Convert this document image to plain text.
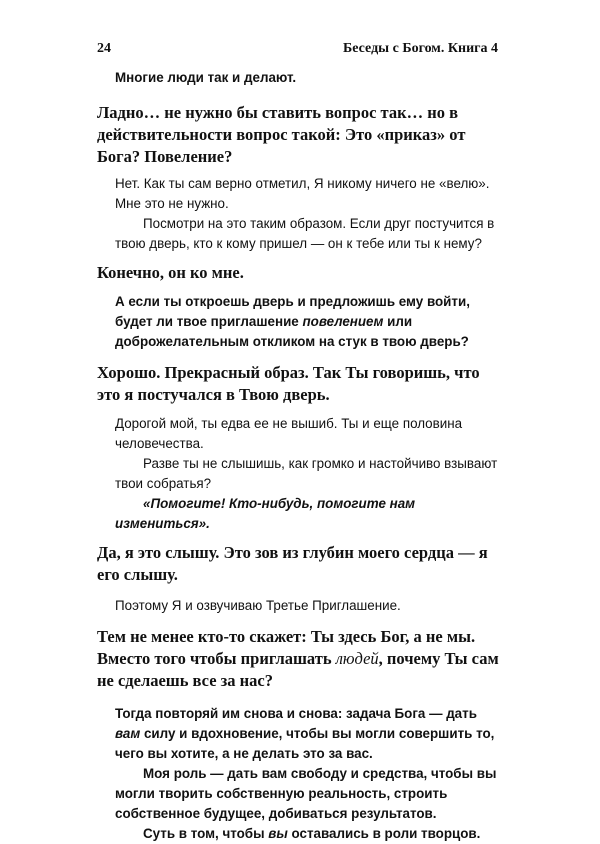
24	Беседы с Богом. Книга 4

Многие люди так и делают.

Ладно… не нужно бы ставить вопрос так… но в действительности вопрос такой: Это «приказ» от Бога? Повеление?

Нет. Как ты сам верно отметил, Я никому ничего не «велю». Мне это не нужно.

Посмотри на это таким образом. Если друг постучится в твою дверь, кто к кому пришел — он к тебе или ты к нему?

Конечно, он ко мне.

А если ты откроешь дверь и предложишь ему войти, будет ли твое приглашение повелением или доброжелательным откликом на стук в твою дверь?

Хорошо. Прекрасный образ. Так Ты говоришь, что это я постучался в Твою дверь.

Дорогой мой, ты едва ее не вышиб. Ты и еще половина человечества.

Разве ты не слышишь, как громко и настойчиво взывают твои собратья?

«Помогите! Кто-нибудь, помогите нам измениться».

Да, я это слышу. Это зов из глубин моего сердца — я его слышу.

Поэтому Я и озвучиваю Третье Приглашение.

Тем не менее кто-то скажет: Ты здесь Бог, а не мы. Вместо того чтобы приглашать людей, почему Ты сам не сделаешь все за нас?

Тогда повторяй им снова и снова: задача Бога — дать вам силу и вдохновение, чтобы вы могли совершить то, чего вы хотите, а не делать это за вас.

Моя роль — дать вам свободу и средства, чтобы вы могли творить собственную реальность, строить собственное будущее, добиваться результатов.

Суть в том, чтобы вы оставались в роли творцов.
